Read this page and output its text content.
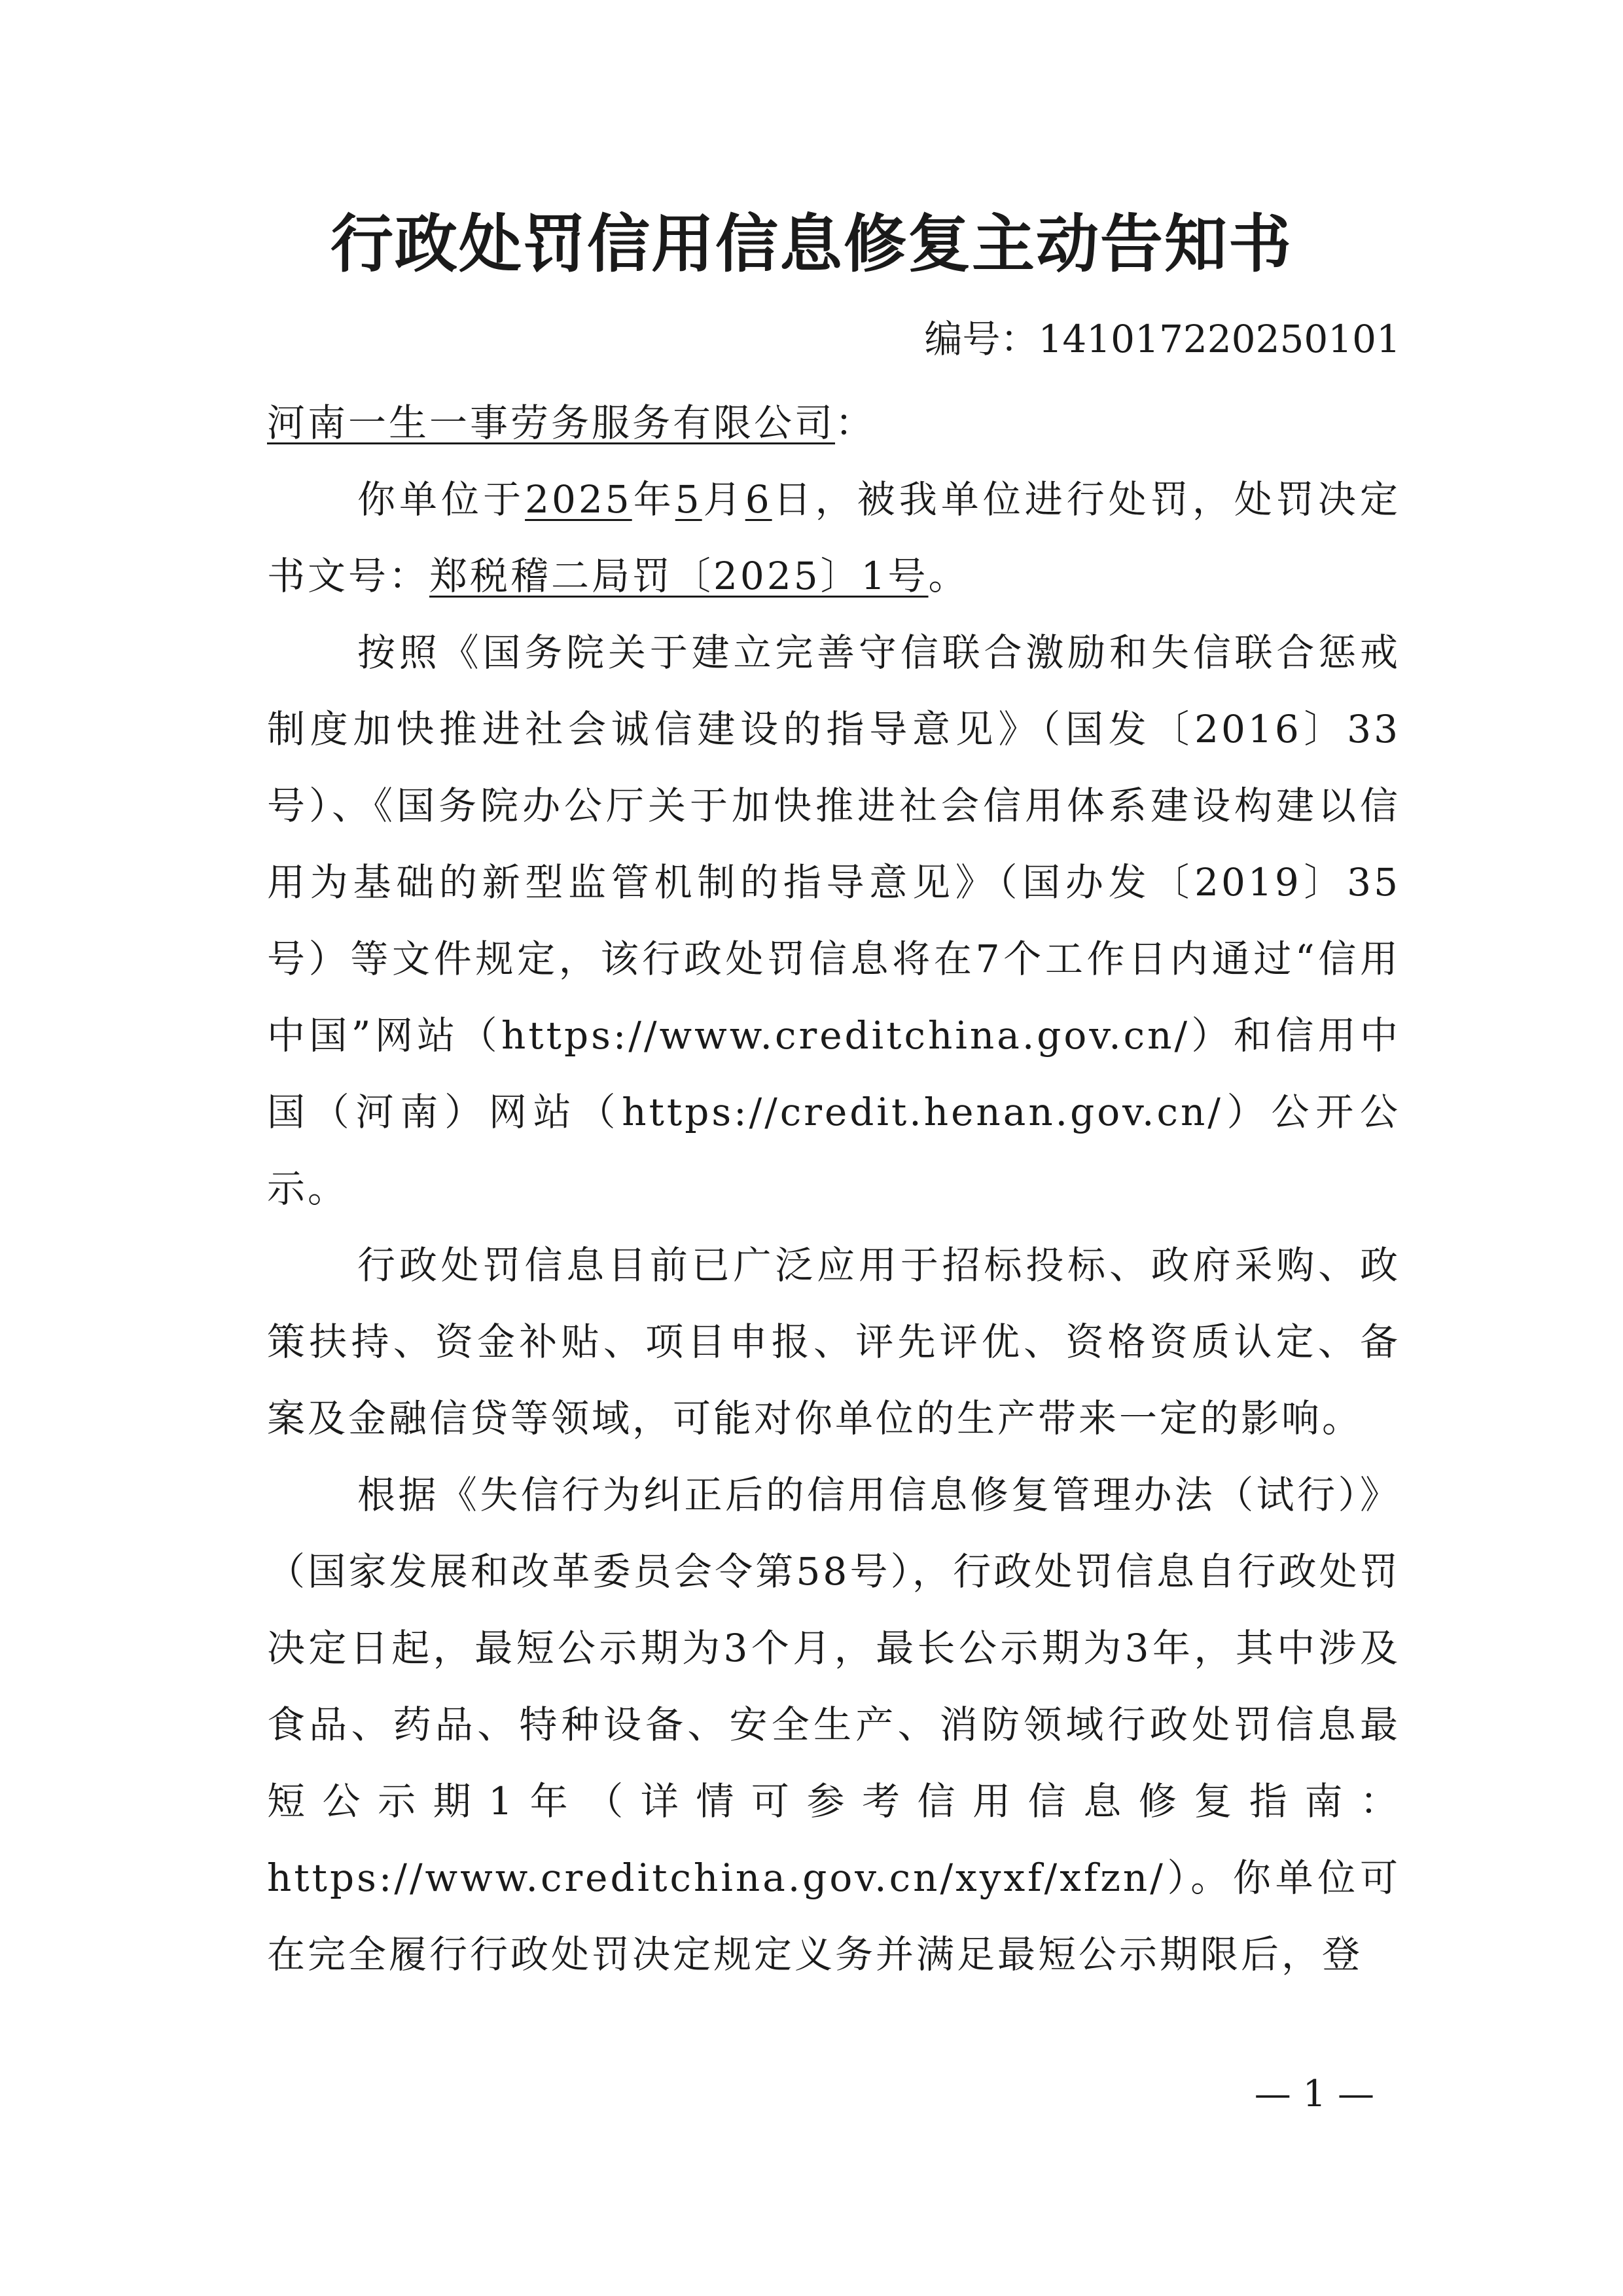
行政处罚信用信息修复主动告知书
编号：141017220250101

河南一生一事劳务服务有限公司：

你单位于2025年5月6日，被我单位进行处罚，处罚决定书文号：郑税稽二局罚〔2025〕1号。

按照《国务院关于建立完善守信联合激励和失信联合惩戒制度加快推进社会诚信建设的指导意见》（国发〔2016〕33号）、《国务院办公厅关于加快推进社会信用体系建设构建以信用为基础的新型监管机制的指导意见》（国办发〔2019〕35号）等文件规定，该行政处罚信息将在7个工作日内通过“信用中国”网站（https://www.creditchina.gov.cn/）和信用中国（河南）网站（https://credit.henan.gov.cn/）公开公示。

行政处罚信息目前已广泛应用于招标投标、政府采购、政策扶持、资金补贴、项目申报、评先评优、资格资质认定、备案及金融信贷等领域，可能对你单位的生产带来一定的影响。

根据《失信行为纠正后的信用信息修复管理办法（试行）》（国家发展和改革委员会令第58号），行政处罚信息自行政处罚决定日起，最短公示期为3个月，最长公示期为3年，其中涉及食品、药品、特种设备、安全生产、消防领域行政处罚信息最短公示期1年（详情可参考信用信息修复指南：https://www.creditchina.gov.cn/xyxf/xfzn/）。你单位可在完全履行行政处罚决定规定义务并满足最短公示期限后，登

— 1 —
